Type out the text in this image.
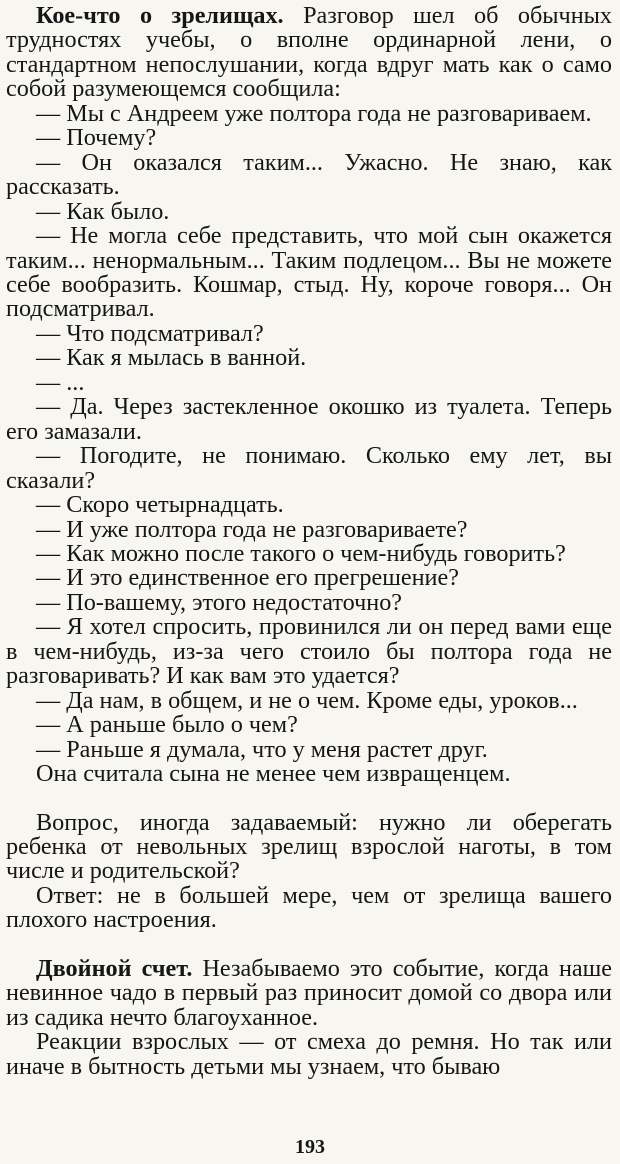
Кое-что о зрелищах. Разговор шел об обычных трудностях учебы, о вполне ординарной лени, о стандартном непослушании, когда вдруг мать как о само собой разумеющемся сообщила:

— Мы с Андреем уже полтора года не разговариваем.

— Почему?

— Он оказался таким... Ужасно. Не знаю, как рассказать.

— Как было.

— Не могла себе представить, что мой сын окажется таким... ненормальным... Таким подлецом... Вы не можете себе вообразить. Кошмар, стыд. Ну, короче говоря... Он подсматривал.

— Что подсматривал?

— Как я мылась в ванной.

— ...

— Да. Через застекленное окошко из туалета. Теперь его замазали.

— Погодите, не понимаю. Сколько ему лет, вы сказали?

— Скоро четырнадцать.

— И уже полтора года не разговариваете?

— Как можно после такого о чем-нибудь говорить?

— И это единственное его прегрешение?

— По-вашему, этого недостаточно?

— Я хотел спросить, провинился ли он перед вами еще в чем-нибудь, из-за чего стоило бы полтора года не разговаривать? И как вам это удается?

— Да нам, в общем, и не о чем. Кроме еды, уроков...

— А раньше было о чем?

— Раньше я думала, что у меня растет друг.

Она считала сына не менее чем извращенцем.

Вопрос, иногда задаваемый: нужно ли оберегать ребенка от невольных зрелищ взрослой наготы, в том числе и родительской?

Ответ: не в большей мере, чем от зрелища вашего плохого настроения.

Двойной счет. Незабываемо это событие, когда наше невинное чадо в первый раз приносит домой со двора или из садика нечто благоуханное.

Реакции взрослых — от смеха до ремня. Но так или иначе в бытность детьми мы узнаем, что бываю

193
